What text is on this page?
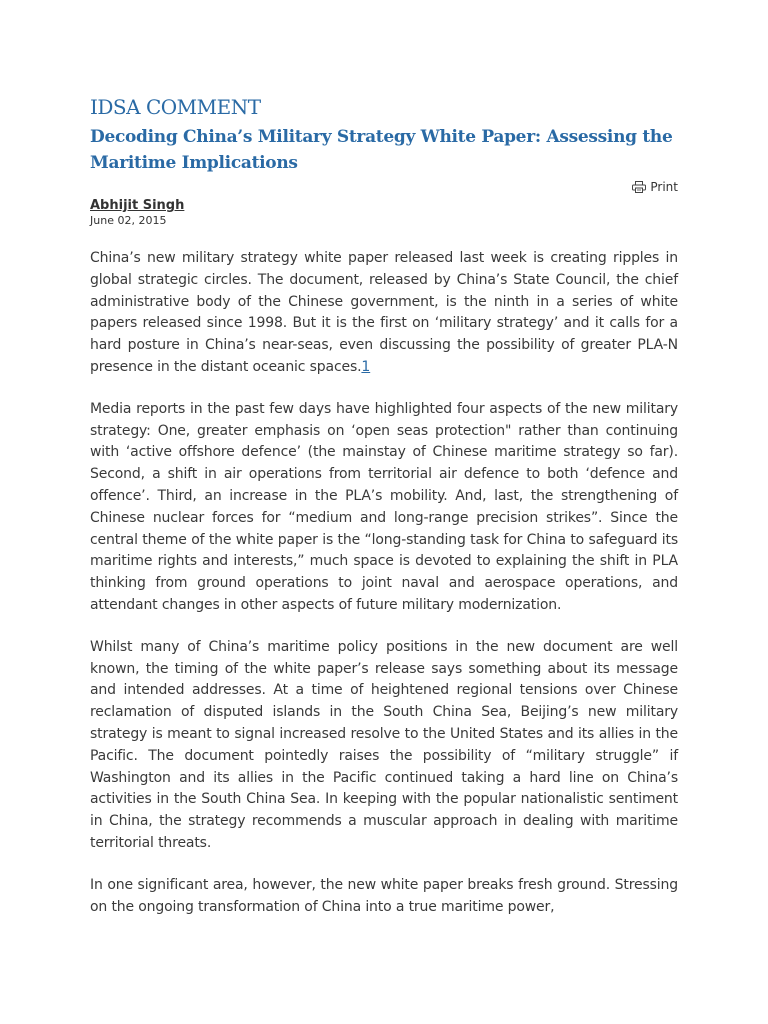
IDSA COMMENT
Decoding China’s Military Strategy White Paper: Assessing the Maritime Implications
Print
Abhijit Singh
June 02, 2015

China’s new military strategy white paper released last week is creating ripples in global strategic circles. The document, released by China’s State Council, the chief administrative body of the Chinese government, is the ninth in a series of white papers released since 1998. But it is the first on ‘military strategy’ and it calls for a hard posture in China’s near-seas, even discussing the possibility of greater PLA-N presence in the distant oceanic spaces.1

Media reports in the past few days have highlighted four aspects of the new military strategy: One, greater emphasis on ‘open seas protection" rather than continuing with ‘active offshore defence’ (the mainstay of Chinese maritime strategy so far). Second, a shift in air operations from territorial air defence to both ‘defence and offence’. Third, an increase in the PLA’s mobility. And, last, the strengthening of Chinese nuclear forces for “medium and long-range precision strikes”. Since the central theme of the white paper is the “long-standing task for China to safeguard its maritime rights and interests,” much space is devoted to explaining the shift in PLA thinking from ground operations to joint naval and aerospace operations, and attendant changes in other aspects of future military modernization.

Whilst many of China’s maritime policy positions in the new document are well known, the timing of the white paper’s release says something about its message and intended addresses. At a time of heightened regional tensions over Chinese reclamation of disputed islands in the South China Sea, Beijing’s new military strategy is meant to signal increased resolve to the United States and its allies in the Pacific. The document pointedly raises the possibility of “military struggle” if Washington and its allies in the Pacific continued taking a hard line on China’s activities in the South China Sea. In keeping with the popular nationalistic sentiment in China, the strategy recommends a muscular approach in dealing with maritime territorial threats.

In one significant area, however, the new white paper breaks fresh ground. Stressing on the ongoing transformation of China into a true maritime power,
